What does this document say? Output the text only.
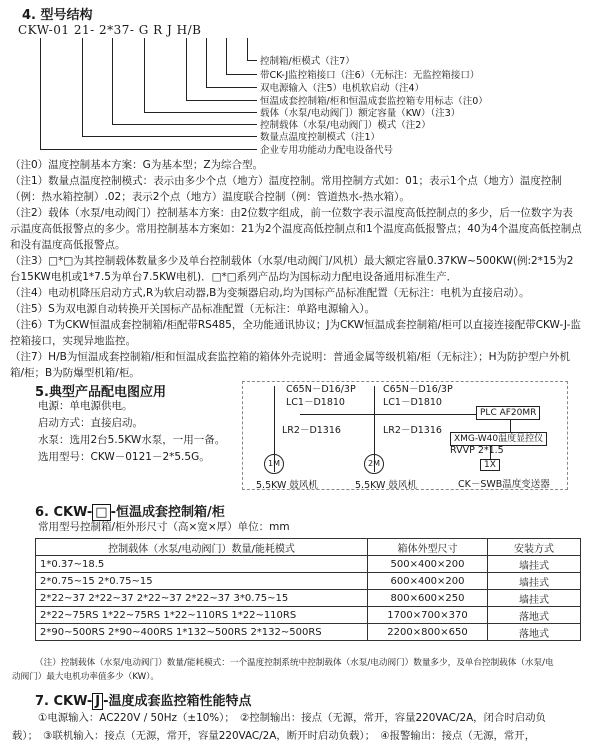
4. 型号结构
CKW-01 21- 2*37- G R J H/B
控制箱/柜模式（注7）
带CK-J监控箱接口（注6）（无标注：无监控箱接口）
双电源输入（注5）电机软启动（注4）
恒温成套控制箱/柜和恒温成套监控箱专用标志（注0）
载体（水泵/电动阀门）额定容量（KW）（注3）
控制载体（水泵/电动阀门）模式（注2）
数量点温度控制模式（注1）
企业专用功能动力配电设备代号
（注0）温度控制基本方案：G为基本型；Z为综合型。
（注1）数量点温度控制模式：表示由多少个点（地方）温度控制。常用控制方式如：01；表示1个点（地方）温度控制（例：热水箱控制）.02；表示2个点（地方）温度联合控制（例：管道热水-热水箱）。
（注2）载体（水泵/电动阀门）控制基本方案：由2位数字组成，前一位数字表示温度高低控制点的多少，后一位数字为表示温度高低报警点的多少。常用控制基本方案如：21为2个温度高低控制点和1个温度高低报警点；40为4个温度高低控制点和没有温度高低报警点。
（注3）□*□为其控制载体数量多少及单台控制载体（水泵/电动阀门/风机）最大额定容量0.37KW~500KW(例:2*15为2台15KW电机或1*7.5为单台7.5KW电机)．□*□系列产品均为国标动力配电设备通用标准生产．
（注4）电动机降压启动方式,R为软启动器,B为变频器启动,均为国标产品标准配置（无标注：电机为直接启动）。
（注5）S为双电源自动转换开关国标产品标准配置（无标注：单路电源输入）。
（注6）T为CKW恒温成套控制箱/柜配带RS485，全功能通讯协议；J为CKW恒温成套控制箱/柜可以直接连接配带CKW-J-监控箱接口，实现异地监控。
（注7）H/B为恒温成套控制箱/柜和恒温成套监控箱的箱体外壳说明：普通金属等级机箱/柜（无标注）；H为防护型户外机箱/柜；B为防爆型机箱/柜。
5.典型产品配电图应用
电源：单电源供电。
启动方式：直接启动。
水泵：选用2台5.5KW水泵，一用一备。
选用型号：CKW－0121－2*5.5G。
C65N－D16/3P
LC1－D1810
LR2－D1316
1M
5.5KW 鼓风机
C65N－D16/3P
LC1－D1810
LR2－D1316
2M
5.5KW 鼓风机
PLC AF20MR
XMG-W40温度显控仪
RVVP 2*1.5
1X
CK－SWB温度变送器
6. CKW- □ -恒温成套控制箱/柜
常用型号控制箱/柜外形尺寸（高×宽×厚）单位：mm
控制载体（水泵/电动阀门）数量/能耗模式	箱体外型尺寸	安装方式
1*0.37~18.5	500×400×200	墙挂式
2*0.75~15 2*0.75~15	600×400×200	墙挂式
2*22~37 2*22~37 2*22~37 2*22~37 3*0.75~15	800×600×250	墙挂式
2*22~75RS 1*22~75RS 1*22~110RS 1*22~110RS	1700×700×370	落地式
2*90~500RS 2*90~400RS 1*132~500RS 2*132~500RS	2200×800×650	落地式
（注）控制载体（水泵/电动阀门）数量/能耗模式：一个温度控制系统中控制载体（水泵/电动阀门）数量多少，及单台控制载体（水泵/电
动阀门）最大电机功率值多少（KW）。
7. CKW- J -温度成套监控箱性能特点
①电源输入：AC220V / 50Hz（±10%）；　②控制输出：接点（无源，常开，容量220VAC/2A，闭合时启动负
载）；　③联机输入：接点（无源，常开，容量220VAC/2A，断开时启动负载）；　④报警输出：接点（无源，常开，
